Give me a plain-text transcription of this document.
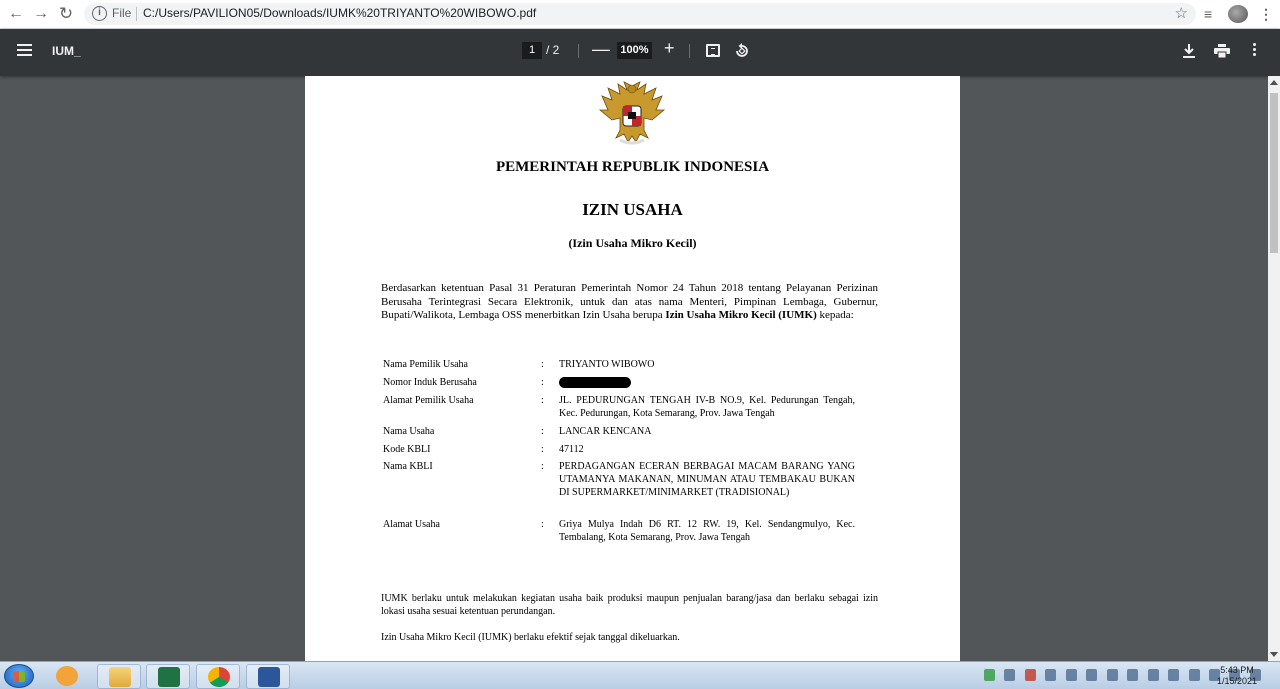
← → ↻	i File C:/Users/PAVILION05/Downloads/IUMK%20TRIYANTO%20WIBOWO.pdf	☆ ≡	⋮
IUM_	1 / 2 — 100% +
PEMERINTAH REPUBLIK INDONESIA
IZIN USAHA
(Izin Usaha Mikro Kecil)
Berdasarkan ketentuan Pasal 31 Peraturan Pemerintah Nomor 24 Tahun 2018 tentang Pelayanan Perizinan Berusaha Terintegrasi Secara Elektronik, untuk dan atas nama Menteri, Pimpinan Lembaga, Gubernur, Bupati/Walikota, Lembaga OSS menerbitkan Izin Usaha berupa Izin Usaha Mikro Kecil (IUMK) kepada:
Nama Pemilik Usaha	: TRIYANTO WIBOWO
Nomor Induk Berusaha	:
Alamat Pemilik Usaha	: JL. PEDURUNGAN TENGAH IV-B NO.9, Kel. Pedurungan Tengah, Kec. Pedurungan, Kota Semarang, Prov. Jawa Tengah
Nama Usaha	: LANCAR KENCANA
Kode KBLI	: 47112
Nama KBLI	: PERDAGANGAN ECERAN BERBAGAI MACAM BARANG YANG UTAMANYA MAKANAN, MINUMAN ATAU TEMBAKAU BUKAN DI SUPERMARKET/MINIMARKET (TRADISIONAL)
Alamat Usaha	: Griya Mulya Indah D6 RT. 12 RW. 19, Kel. Sendangmulyo, Kec. Tembalang, Kota Semarang, Prov. Jawa Tengah
IUMK berlaku untuk melakukan kegiatan usaha baik produksi maupun penjualan barang/jasa dan berlaku sebagai izin lokasi usaha sesuai ketentuan perundangan.
Izin Usaha Mikro Kecil (IUMK) berlaku efektif sejak tanggal dikeluarkan.

5:43 PM
1/15/2021
